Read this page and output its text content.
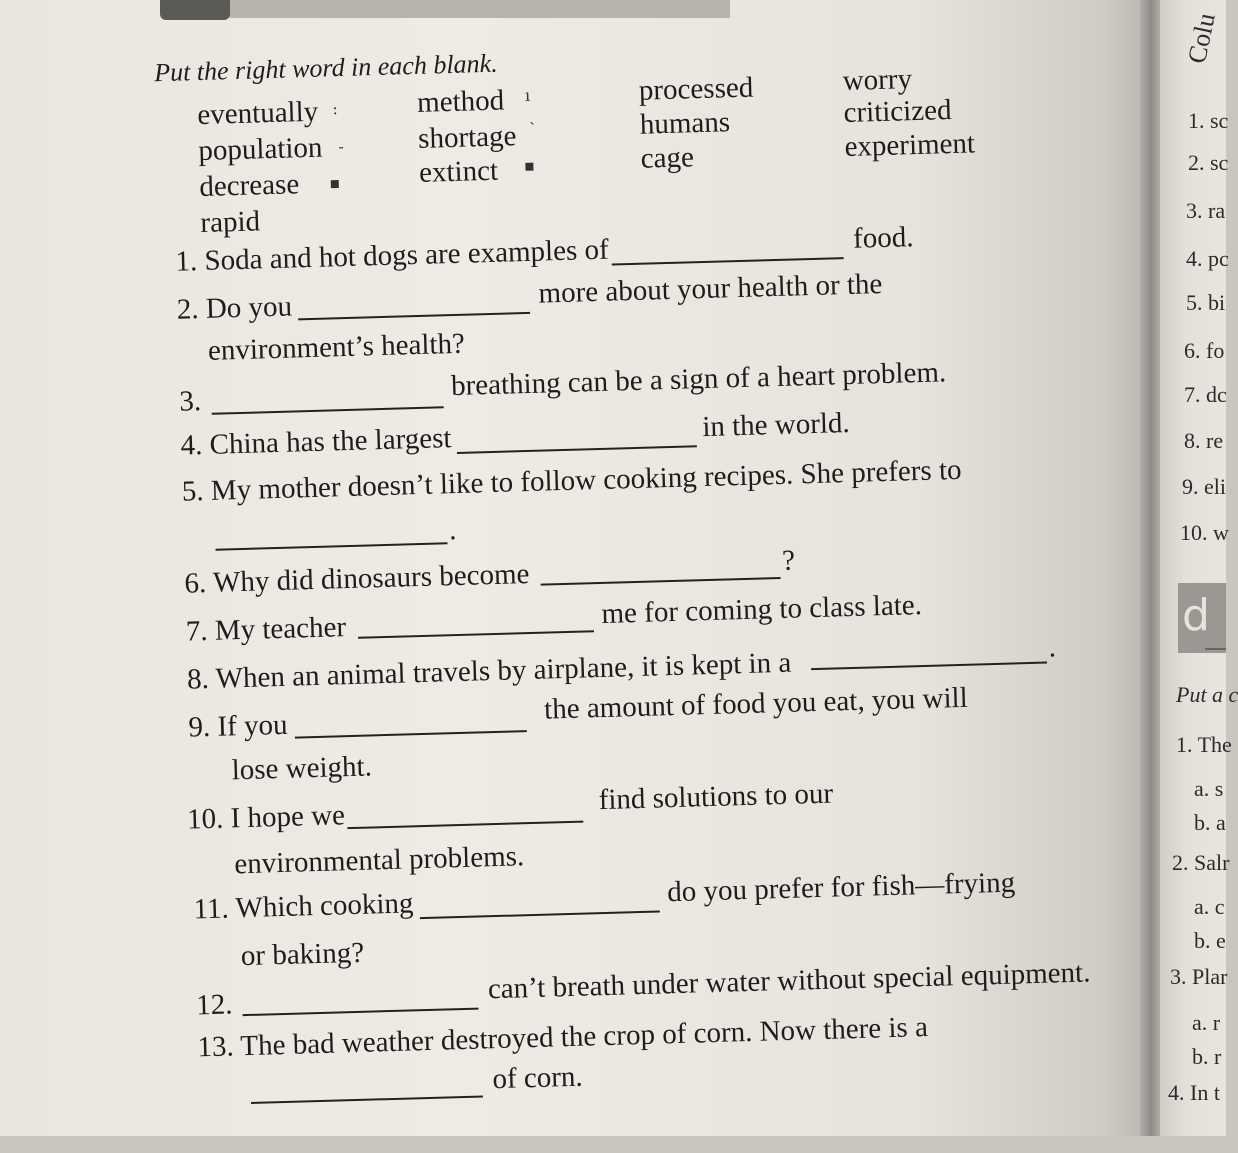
Put the right word in each blank.
eventually	method	processed	worry
population	shortage	humans	criticized
decrease	extinct	cage	experiment
rapid
:
ı
-
`
▪
▪
1. Soda and hot dogs are examples of	food.
2. Do you	more about your health or the
environment’s health?
3.	breathing can be a sign of a heart problem.
4. China has the largest	in the world.
5. My mother doesn’t like to follow cooking recipes. She prefers to
.
6. Why did dinosaurs become	?
7. My teacher	me for coming to class late.
8. When an animal travels by airplane, it is kept in a	.
9. If you
the amount of food you eat, you will
lose weight.
10. I hope we
find solutions to our
environmental problems.
11. Which cooking	do you prefer for fish—frying
or baking?
12.	can’t breath under water without special equipment.
13. The bad weather destroyed the crop of corn. Now there is a
of corn.
Colu
1. sc
2. sc
3. ra
4. pc
5. bi
6. fo
7. dc
8. re
9. eli
10. w
d
Put a c
1. The
a. s
b. a
2. Salr
a. c
b. e
3. Plar
a. r
b. r
4. In t
